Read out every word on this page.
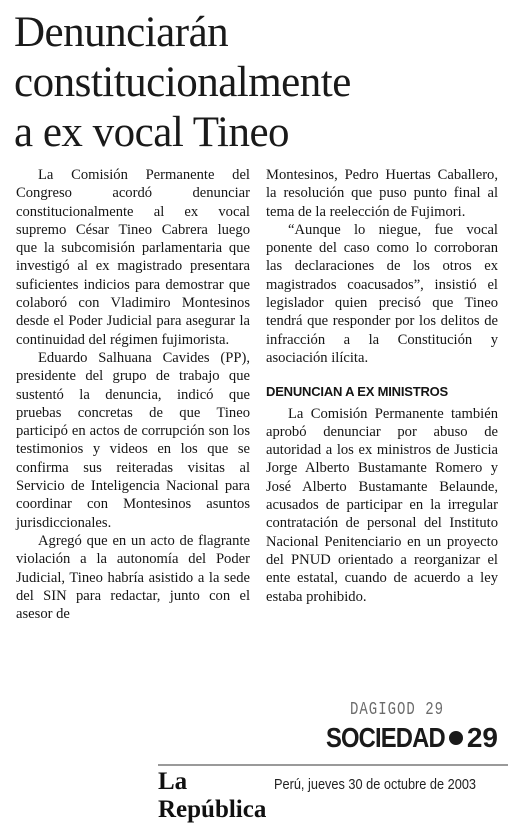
Denunciarán
constitucionalmente
a ex vocal Tineo

La Comisión Permanente del Congreso acordó denunciar constitucionalmente al ex vocal supremo César Tineo Cabrera luego que la subcomisión parlamentaria que investigó al ex magistrado presentara suficientes indicios para demostrar que colaboró con Vladimiro Montesinos desde el Poder Judicial para asegurar la continuidad del régimen fujimorista.

Eduardo Salhuana Cavides (PP), presidente del grupo de trabajo que sustentó la denuncia, indicó que pruebas concretas de que Tineo participó en actos de corrupción son los testimonios y videos en los que se confirma sus reiteradas visitas al Servicio de Inteligencia Nacional para coordinar con Montesinos asuntos jurisdiccionales.

Agregó que en un acto de flagrante violación a la autonomía del Poder Judicial, Tineo habría asistido a la sede del SIN para redactar, junto con el asesor de

Montesinos, Pedro Huertas Caballero, la resolución que puso punto final al tema de la reelección de Fujimori.

“Aunque lo niegue, fue vocal ponente del caso como lo corroboran las declaraciones de los otros ex magistrados coacusados”, insistió el legislador quien precisó que Tineo tendrá que responder por los delitos de infracción a la Constitución y asociación ilícita.

DENUNCIAN A EX MINISTROS

La Comisión Permanente también aprobó denunciar por abuso de autoridad a los ex ministros de Justicia Jorge Alberto Bustamante Romero y José Alberto Bustamante Belaunde, acusados de participar en la irregular contratación de personal del Instituto Nacional Penitenciario en un proyecto del PNUD orientado a reorganizar el ente estatal, cuando de acuerdo a ley estaba prohibido.

DAGIGOD 29
SOCIEDAD 29
La República
Perú, jueves 30 de octubre de 2003
